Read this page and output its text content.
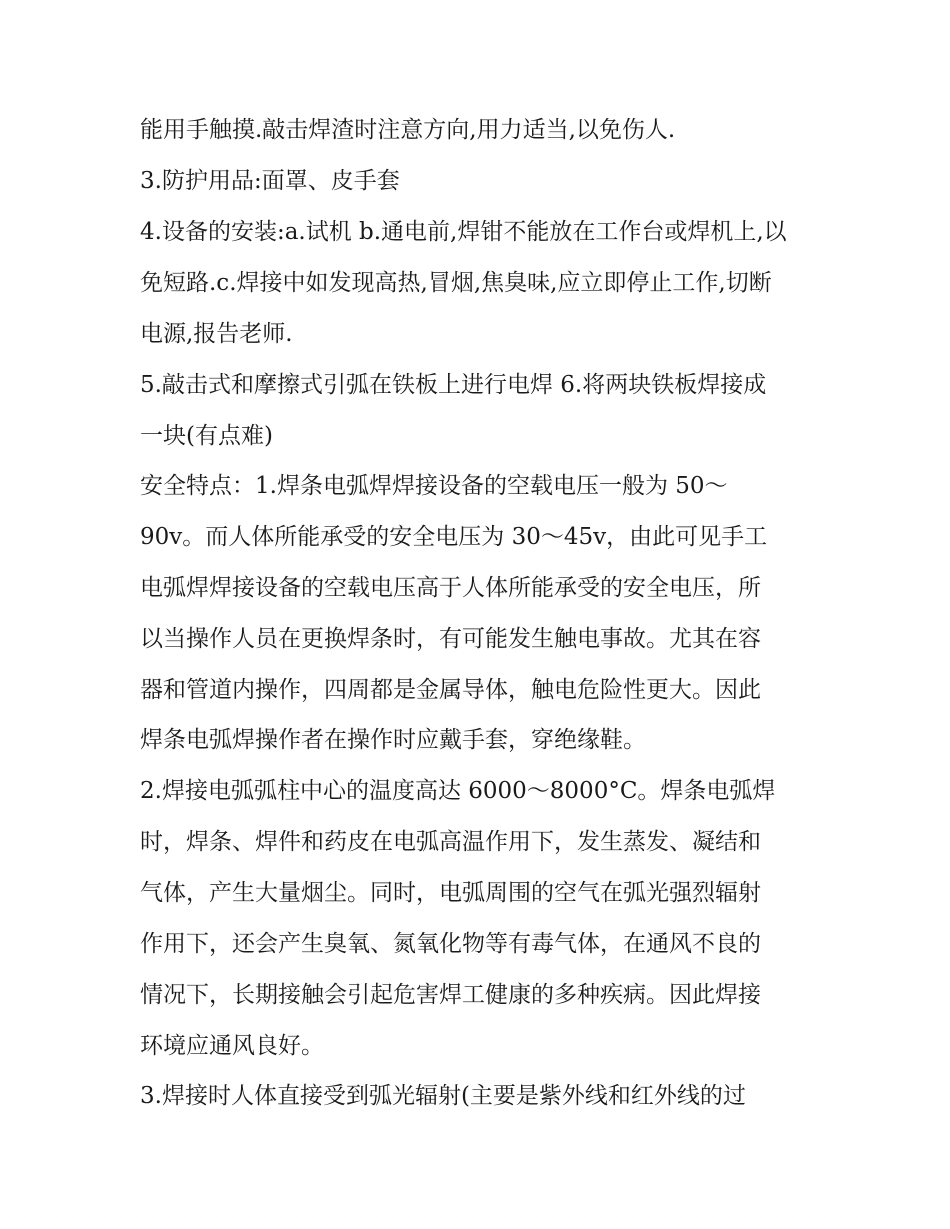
能用手触摸.敲击焊渣时注意方向,用力适当,以免伤人.
3.防护用品:面罩、皮手套
4.设备的安装:a.试机 b.通电前,焊钳不能放在工作台或焊机上,以
免短路.c.焊接中如发现高热,冒烟,焦臭味,应立即停止工作,切断
电源,报告老师.
5.敲击式和摩擦式引弧在铁板上进行电焊 6.将两块铁板焊接成
一块(有点难)
安全特点：1.焊条电弧焊焊接设备的空载电压一般为 50～
90v。而人体所能承受的安全电压为 30～45v，由此可见手工
电弧焊焊接设备的空载电压高于人体所能承受的安全电压，所
以当操作人员在更换焊条时，有可能发生触电事故。尤其在容
器和管道内操作，四周都是金属导体，触电危险性更大。因此
焊条电弧焊操作者在操作时应戴手套，穿绝缘鞋。
2.焊接电弧弧柱中心的温度高达 6000～8000°C。焊条电弧焊
时，焊条、焊件和药皮在电弧高温作用下，发生蒸发、凝结和
气体，产生大量烟尘。同时，电弧周围的空气在弧光强烈辐射
作用下，还会产生臭氧、氮氧化物等有毒气体，在通风不良的
情况下，长期接触会引起危害焊工健康的多种疾病。因此焊接
环境应通风良好。
3.焊接时人体直接受到弧光辐射(主要是紫外线和红外线的过
